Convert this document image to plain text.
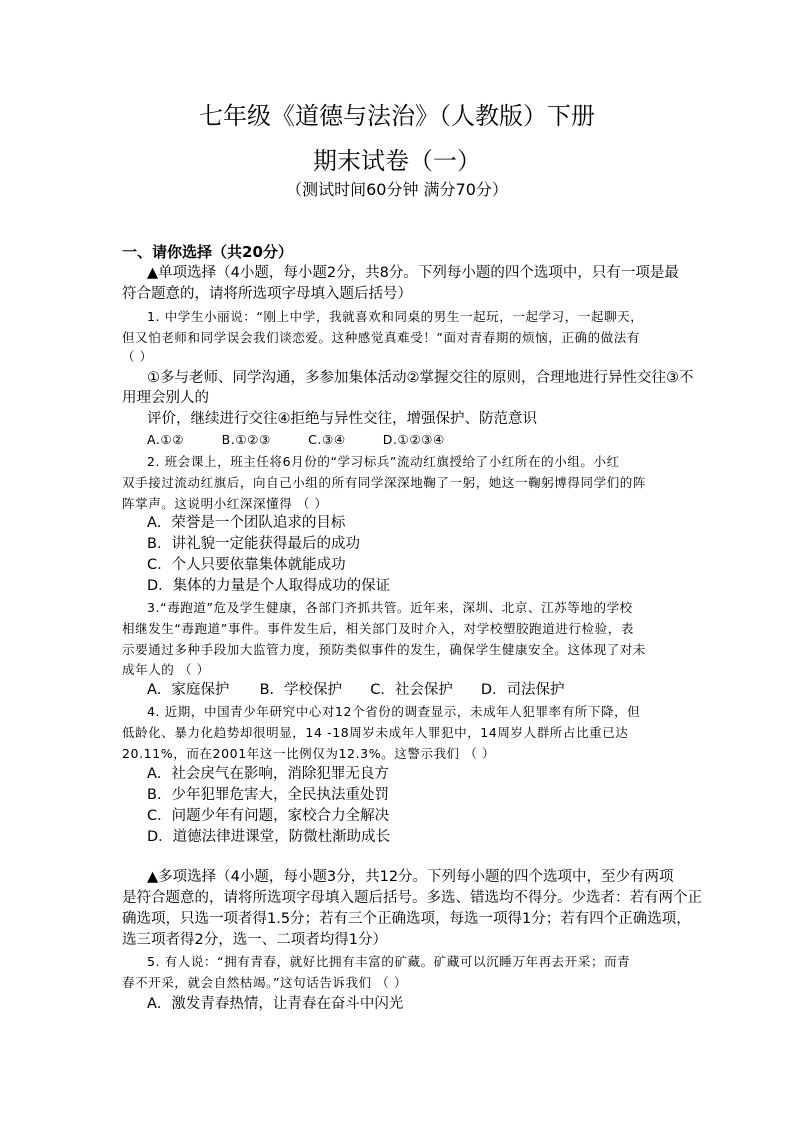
七年级《道德与法治》（人教版）下册
期末试卷（一）
（测试时间60分钟 满分70分）
一、请你选择（共20分）
▲单项选择（4小题，每小题2分，共8分。下列每小题的四个选项中，只有一项是最
符合题意的，请将所选项字母填入题后括号）
1. 中学生小丽说：“刚上中学，我就喜欢和同桌的男生一起玩，一起学习，一起聊天，
但又怕老师和同学误会我们谈恋爱。这种感觉真难受！”面对青春期的烦恼，正确的做法有
（ ）
①多与老师、同学沟通，多参加集体活动②掌握交往的原则，合理地进行异性交往③不
用理会别人的
评价，继续进行交往④拒绝与异性交往，增强保护、防范意识
A.①②	B.①②③	C.③④	D.①②③④
2. 班会课上，班主任将6月份的“学习标兵”流动红旗授给了小红所在的小组。小红
双手接过流动红旗后，向自己小组的所有同学深深地鞠了一躬，她这一鞠躬博得同学们的阵
阵掌声。这说明小红深深懂得 （ ）
A．荣誉是一个团队追求的目标
B．讲礼貌一定能获得最后的成功
C．个人只要依靠集体就能成功
D．集体的力量是个人取得成功的保证
3.“毒跑道”危及学生健康，各部门齐抓共管。近年来，深圳、北京、江苏等地的学校
相继发生“毒跑道”事件。事件发生后，相关部门及时介入，对学校塑胶跑道进行检验，表
示要通过多种手段加大监管力度，预防类似事件的发生，确保学生健康安全。这体现了对未
成年人的 （ ）
A．家庭保护 B．学校保护 C．社会保护 D．司法保护
4. 近期，中国青少年研究中心对12个省份的调查显示，未成年人犯罪率有所下降，但
低龄化、暴力化趋势却很明显，14 -18周岁未成年人罪犯中，14周岁人群所占比重已达
20.11%，而在2001年这一比例仅为12.3%。这警示我们 （ ）
A．社会戾气在影响，消除犯罪无良方
B．少年犯罪危害大，全民执法重处罚
C．问题少年有问题，家校合力全解决
D．道德法律进课堂，防微杜渐助成长
▲多项选择（4小题，每小题3分，共12分。下列每小题的四个选项中，至少有两项
是符合题意的，请将所选项字母填入题后括号。多选、错选均不得分。少选者：若有两个正
确选项，只选一项者得1.5分；若有三个正确选项，每选一项得1分；若有四个正确选项，
选三项者得2分，选一、二项者均得1分）
5. 有人说：“拥有青春，就好比拥有丰富的矿藏。矿藏可以沉睡万年再去开采；而青
春不开采，就会自然枯竭。”这句话告诉我们 （ ）
A．激发青春热情，让青春在奋斗中闪光
